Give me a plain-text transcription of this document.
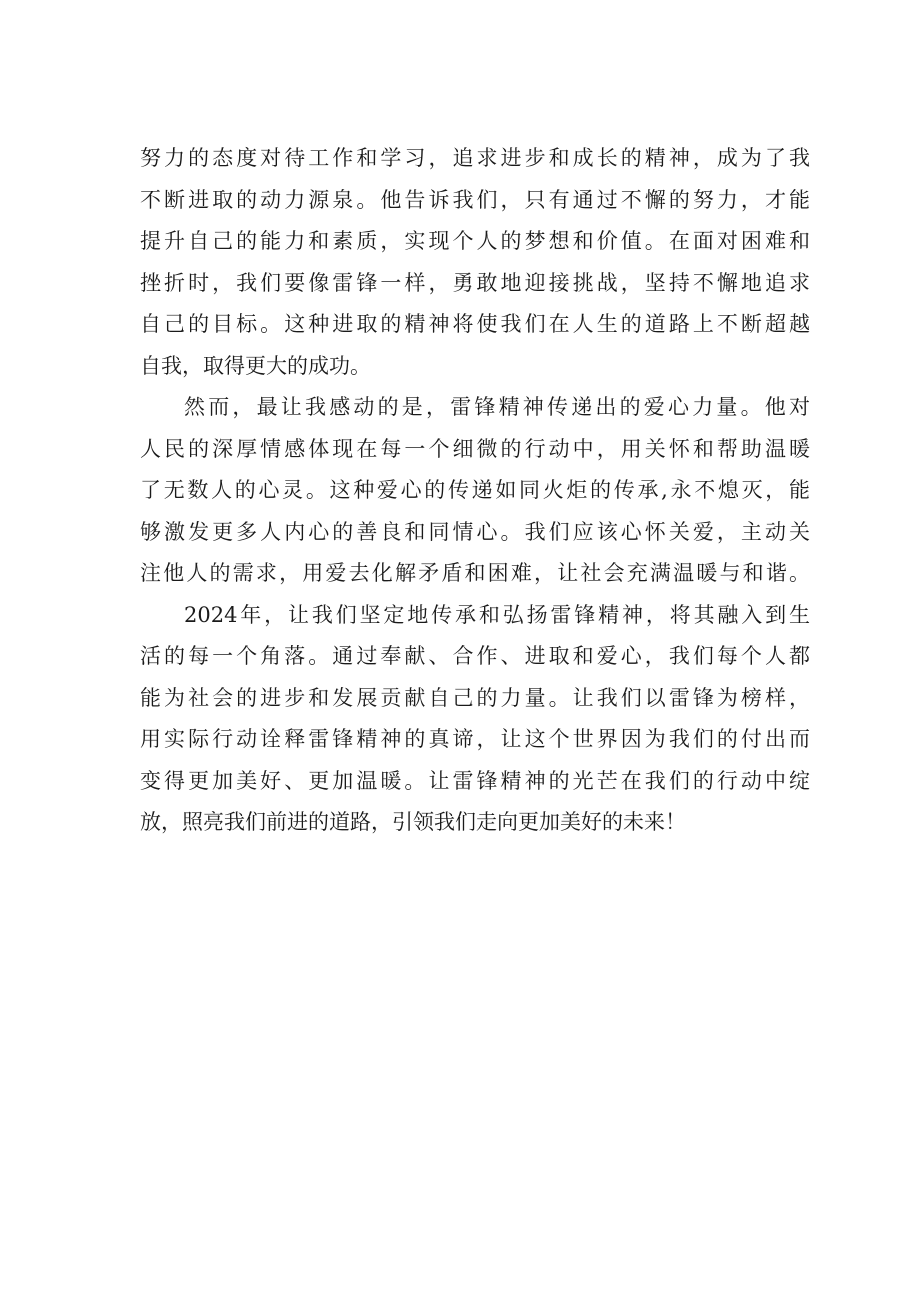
努力的态度对待工作和学习，追求进步和成长的精神，成为了我
不断进取的动力源泉。他告诉我们，只有通过不懈的努力，才能
提升自己的能力和素质，实现个人的梦想和价值。在面对困难和
挫折时，我们要像雷锋一样，勇敢地迎接挑战，坚持不懈地追求
自己的目标。这种进取的精神将使我们在人生的道路上不断超越
自我，取得更大的成功。
然而，最让我感动的是，雷锋精神传递出的爱心力量。他对
人民的深厚情感体现在每一个细微的行动中，用关怀和帮助温暖
了无数人的心灵。这种爱心的传递如同火炬的传承,永不熄灭，能
够激发更多人内心的善良和同情心。我们应该心怀关爱，主动关
注他人的需求，用爱去化解矛盾和困难，让社会充满温暖与和谐。
2024年，让我们坚定地传承和弘扬雷锋精神，将其融入到生
活的每一个角落。通过奉献、合作、进取和爱心，我们每个人都
能为社会的进步和发展贡献自己的力量。让我们以雷锋为榜样，
用实际行动诠释雷锋精神的真谛，让这个世界因为我们的付出而
变得更加美好、更加温暖。让雷锋精神的光芒在我们的行动中绽
放，照亮我们前进的道路，引领我们走向更加美好的未来！
